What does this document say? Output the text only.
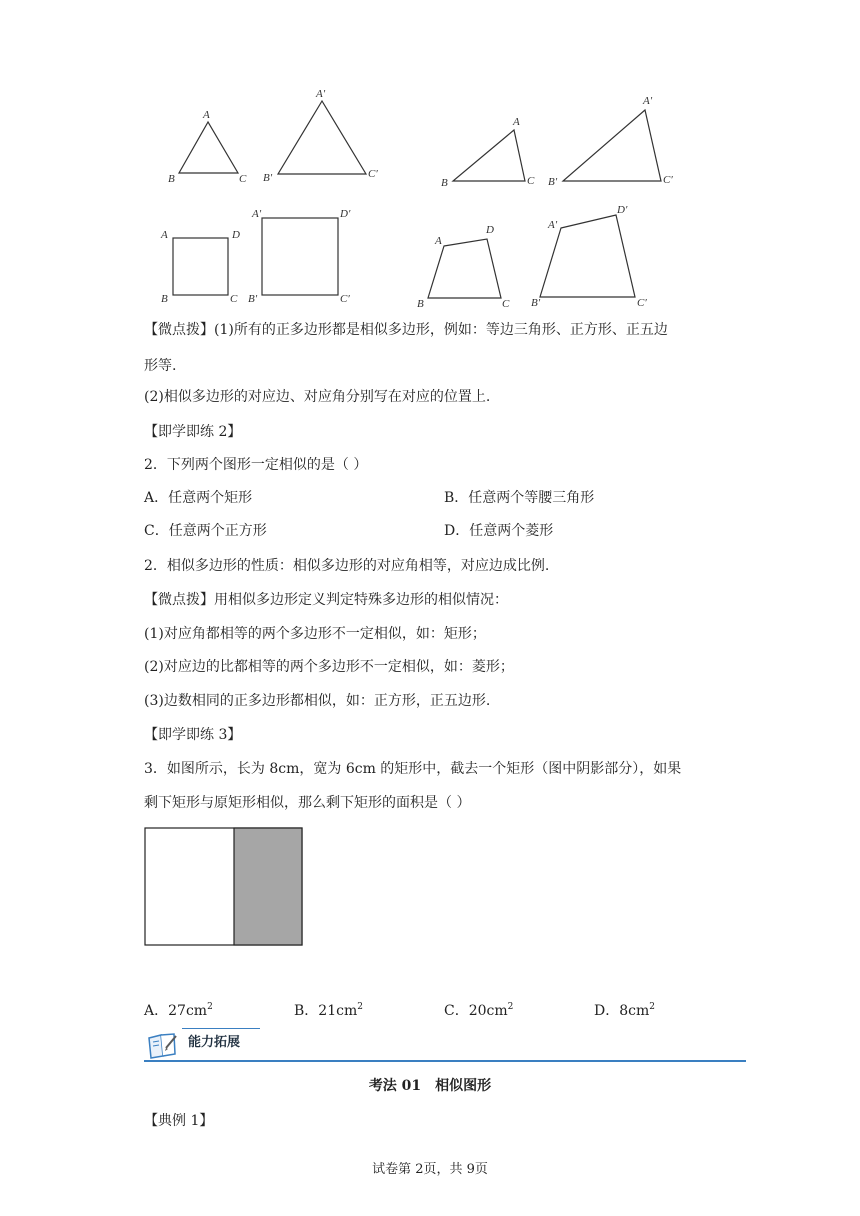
A
B	C
A′
B′	C′
A
B	C
A′
B′	C′
A	D
B	C
A′	D′
B′	C′
A
D
B	C
A′
D′
B′	C′
【微点拨】(1)所有的正多边形都是相似多边形，例如：等边三角形、正方形、正五边
形等.
(2)相似多边形的对应边、对应角分别写在对应的位置上.
【即学即练 2】
2．下列两个图形一定相似的是（ ）
A．任意两个矩形	B．任意两个等腰三角形
C．任意两个正方形	D．任意两个菱形
2．相似多边形的性质：相似多边形的对应角相等，对应边成比例.
【微点拨】用相似多边形定义判定特殊多边形的相似情况：
(1)对应角都相等的两个多边形不一定相似，如：矩形；
(2)对应边的比都相等的两个多边形不一定相似，如：菱形；
(3)边数相同的正多边形都相似，如：正方形，正五边形.
【即学即练 3】
3．如图所示，长为 8cm，宽为 6cm 的矩形中，截去一个矩形（图中阴影部分），如果
剩下矩形与原矩形相似，那么剩下矩形的面积是（ ）
A．$27cm^2$	B．$21cm^2$	C．$20cm^2$	D．$8cm^2$
能力拓展
考法 01　相似图形
【典例 1】
试卷第 2页，共 9页
